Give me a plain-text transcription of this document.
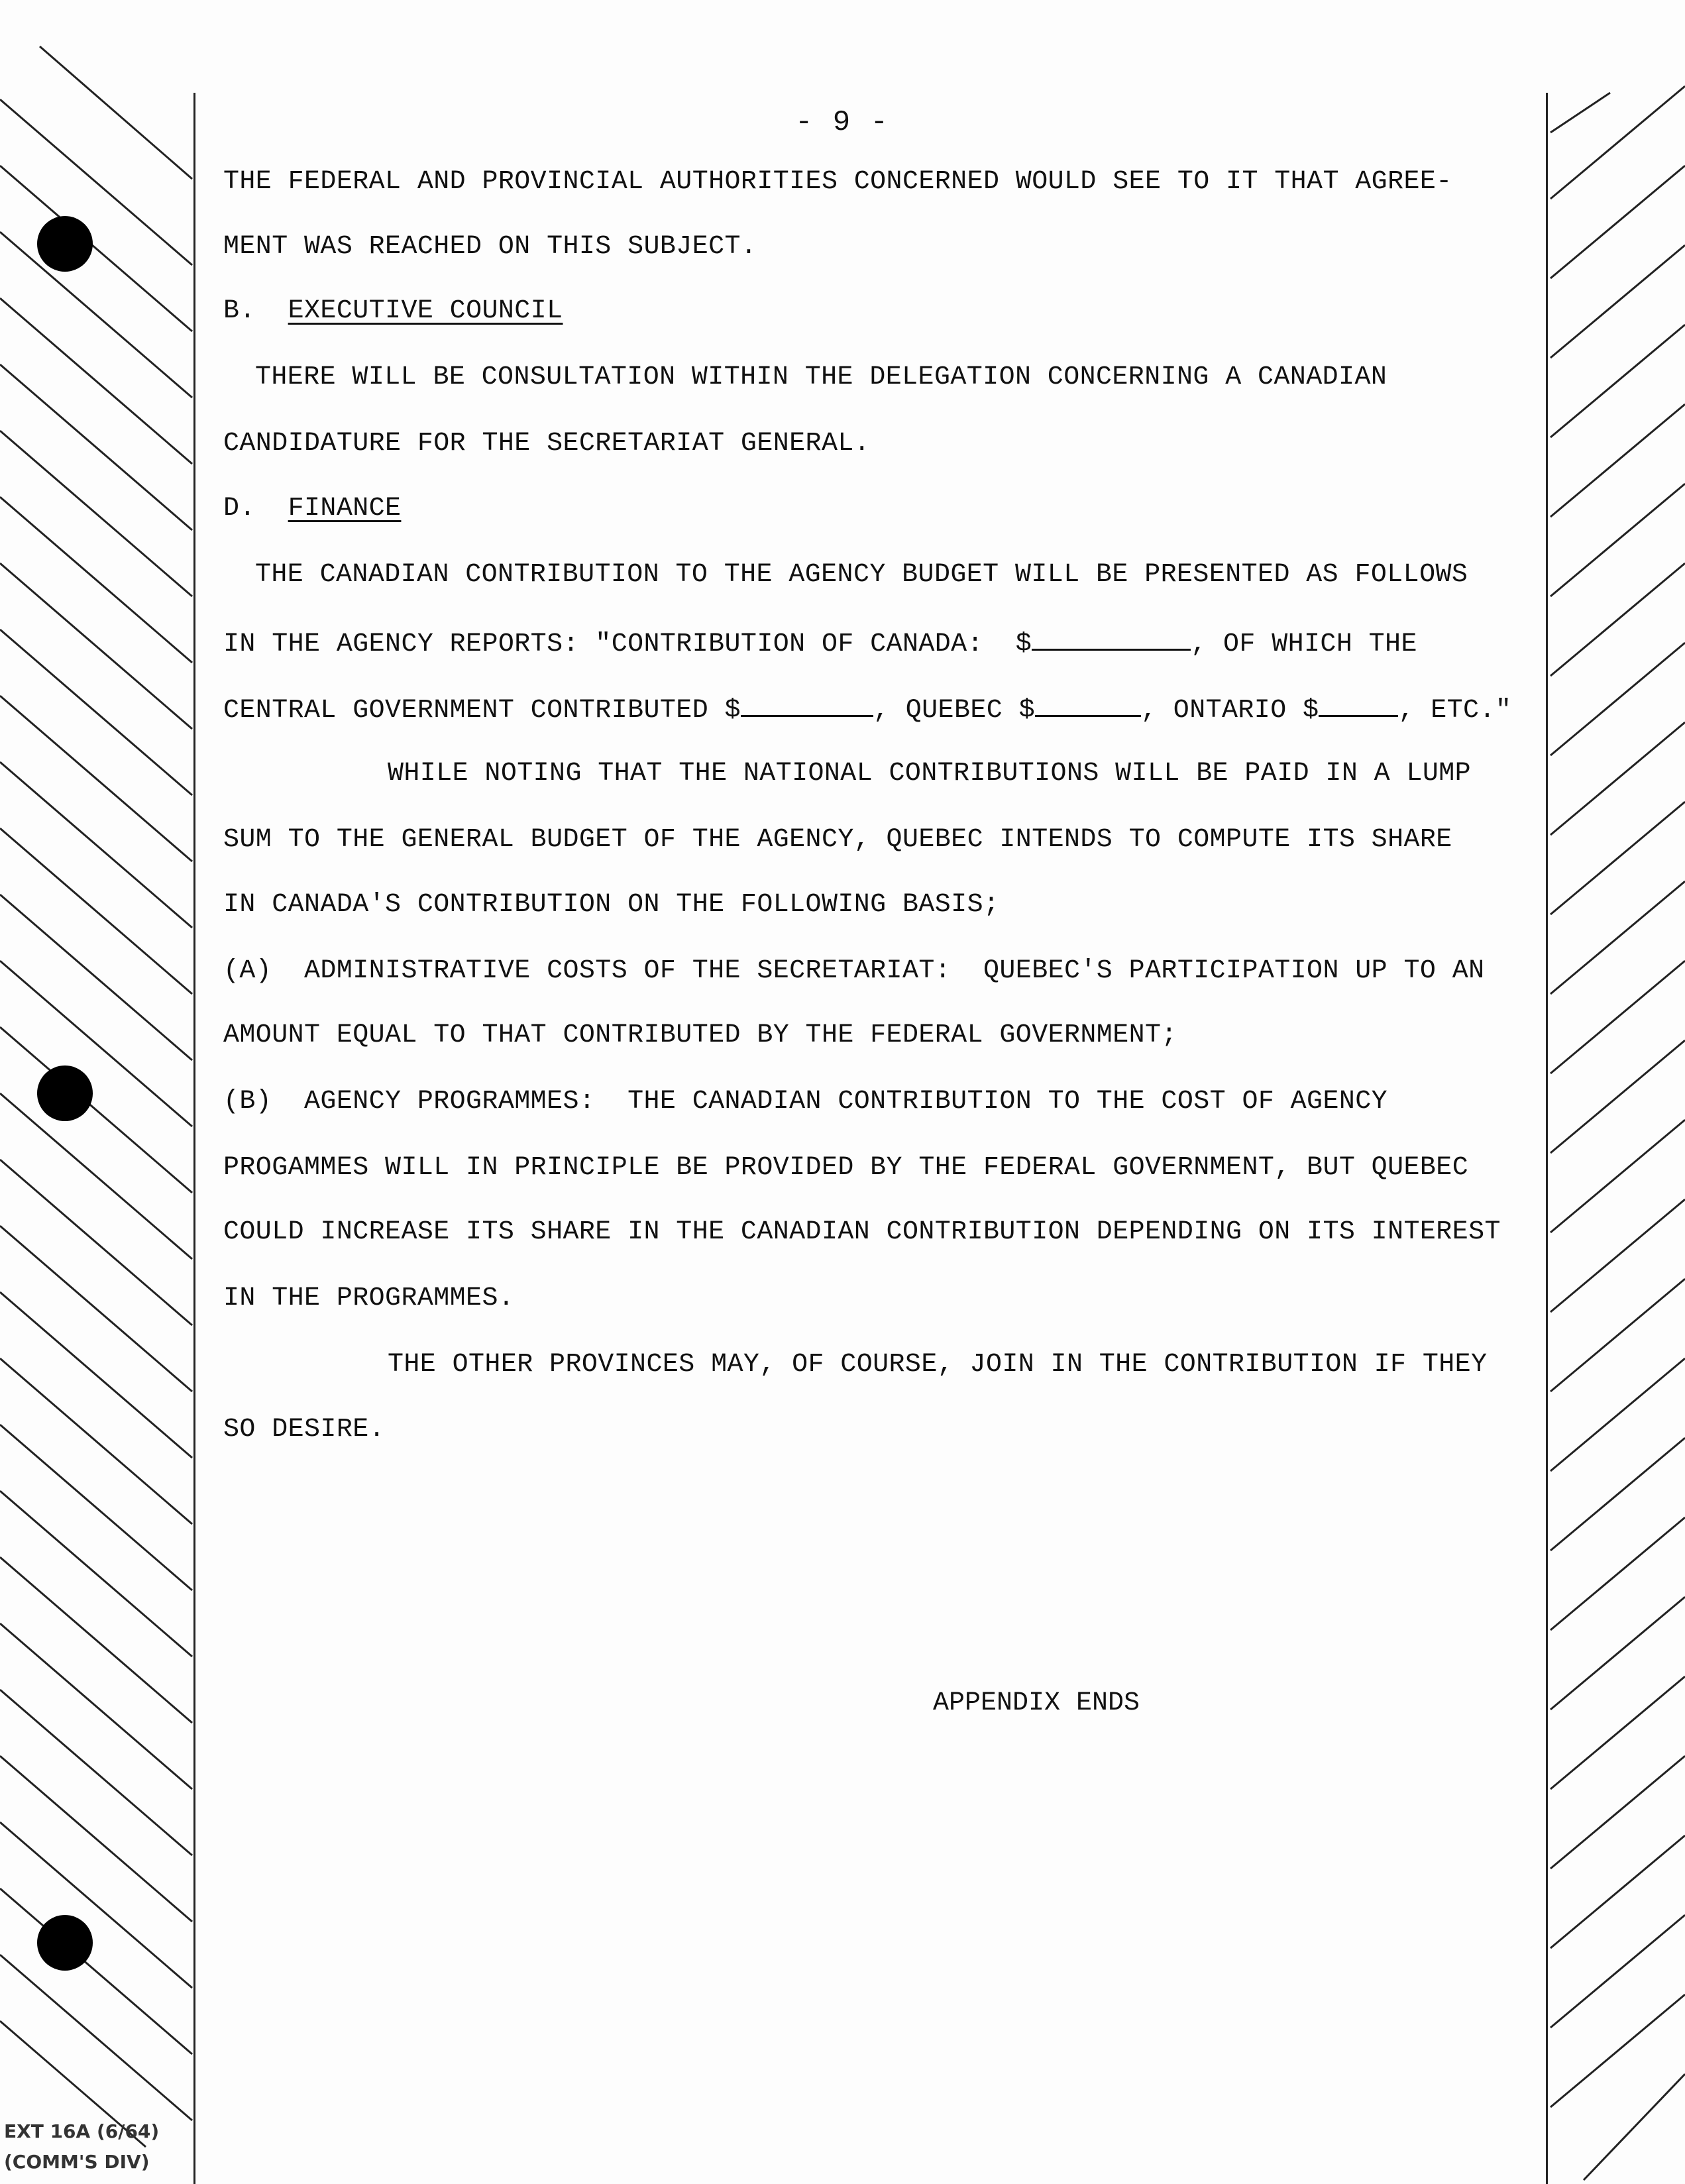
- 9 -
THE FEDERAL AND PROVINCIAL AUTHORITIES CONCERNED WOULD SEE TO IT THAT AGREE-
MENT WAS REACHED ON THIS SUBJECT.
B. EXECUTIVE COUNCIL
THERE WILL BE CONSULTATION WITHIN THE DELEGATION CONCERNING A CANADIAN
CANDIDATURE FOR THE SECRETARIAT GENERAL.
D. FINANCE
THE CANADIAN CONTRIBUTION TO THE AGENCY BUDGET WILL BE PRESENTED AS FOLLOWS
IN THE AGENCY REPORTS: "CONTRIBUTION OF CANADA:  $	, OF WHICH THE
CENTRAL GOVERNMENT CONTRIBUTED $	, QUEBEC $	, ONTARIO $	, ETC."
WHILE NOTING THAT THE NATIONAL CONTRIBUTIONS WILL BE PAID IN A LUMP
SUM TO THE GENERAL BUDGET OF THE AGENCY, QUEBEC INTENDS TO COMPUTE ITS SHARE
IN CANADA'S CONTRIBUTION ON THE FOLLOWING BASIS;
(A)  ADMINISTRATIVE COSTS OF THE SECRETARIAT:  QUEBEC'S PARTICIPATION UP TO AN
AMOUNT EQUAL TO THAT CONTRIBUTED BY THE FEDERAL GOVERNMENT;
(B)  AGENCY PROGRAMMES:  THE CANADIAN CONTRIBUTION TO THE COST OF AGENCY
PROGAMMES WILL IN PRINCIPLE BE PROVIDED BY THE FEDERAL GOVERNMENT, BUT QUEBEC
COULD INCREASE ITS SHARE IN THE CANADIAN CONTRIBUTION DEPENDING ON ITS INTEREST
IN THE PROGRAMMES.
THE OTHER PROVINCES MAY, OF COURSE, JOIN IN THE CONTRIBUTION IF THEY
SO DESIRE.
APPENDIX ENDS
EXT 16A (6/64)
(COMM'S DIV)
